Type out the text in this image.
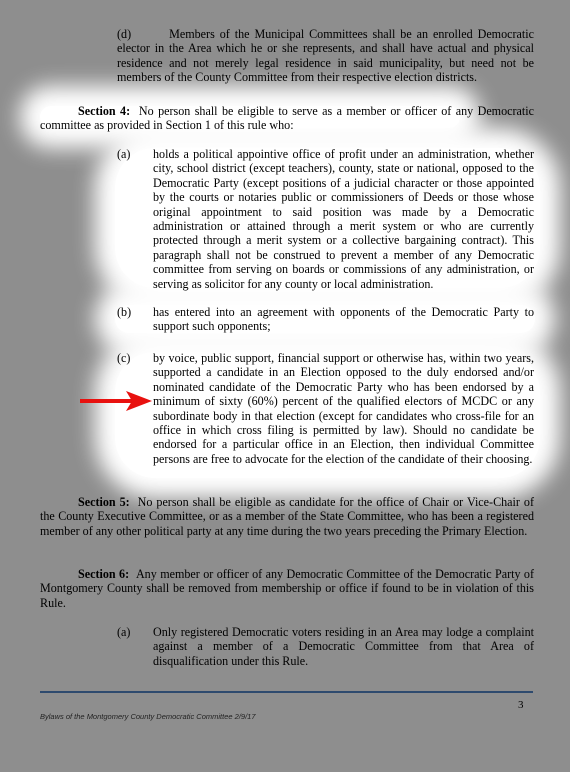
(d)	Members of the Municipal Committees shall be an enrolled Democratic elector in the Area which he or she represents, and shall have actual and physical residence and not merely legal residence in said municipality, but need not be members of the County Committee from their respective election districts.

Section 4: No person shall be eligible to serve as a member or officer of any Democratic committee as provided in Section 1 of this rule who:

(a) holds a political appointive office of profit under an administration, whether city, school district (except teachers), county, state or national, opposed to the Democratic Party (except positions of a judicial character or those appointed by the courts or notaries public or commissioners of Deeds or those whose original appointment to said position was made by a Democratic administration or attained through a merit system or who are currently protected through a merit system or a collective bargaining contract). This paragraph shall not be construed to prevent a member of any Democratic committee from serving on boards or commissions of any administration, or serving as solicitor for any county or local administration.

(b) has entered into an agreement with opponents of the Democratic Party to support such opponents;

(c) by voice, public support, financial support or otherwise has, within two years, supported a candidate in an Election opposed to the duly endorsed and/or nominated candidate of the Democratic Party who has been endorsed by a minimum of sixty (60%) percent of the qualified electors of MCDC or any subordinate body in that election (except for candidates who cross-file for an office in which cross filing is permitted by law). Should no candidate be endorsed for a particular office in an Election, then individual Committee persons are free to advocate for the election of the candidate of their choosing.

Section 5: No person shall be eligible as candidate for the office of Chair or Vice-Chair of the County Executive Committee, or as a member of the State Committee, who has been a registered member of any other political party at any time during the two years preceding the Primary Election.

Section 6: Any member or officer of any Democratic Committee of the Democratic Party of Montgomery County shall be removed from membership or office if found to be in violation of this Rule.

(a) Only registered Democratic voters residing in an Area may lodge a complaint against a member of a Democratic Committee from that Area of disqualification under this Rule.

3
Bylaws of the Montgomery County Democratic Committee 2/9/17
